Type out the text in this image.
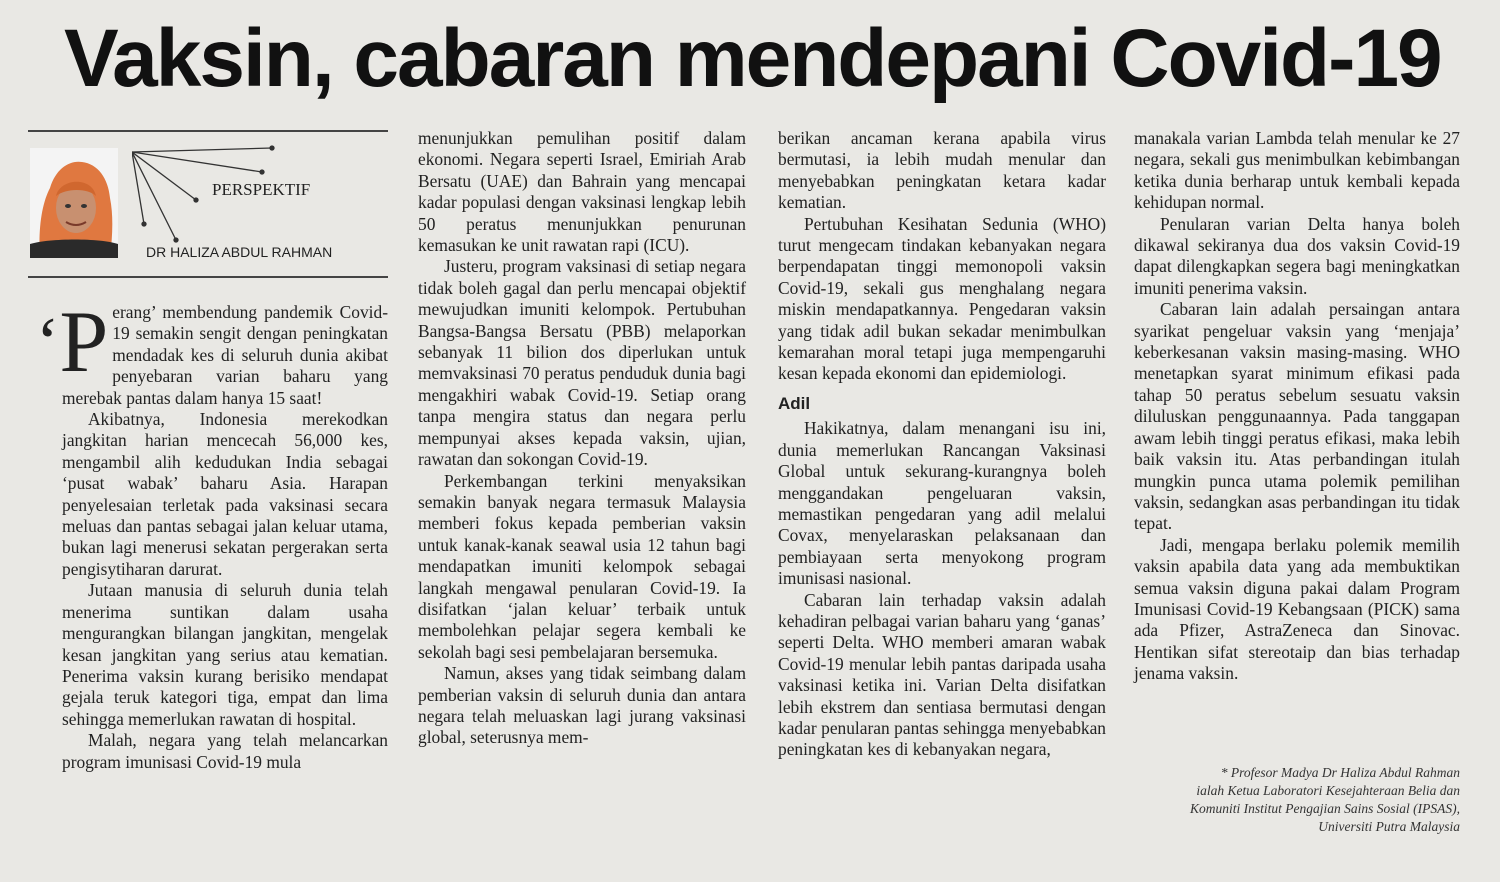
Vaksin, cabaran mendepani Covid-19
PERSPEKTIF
DR HALIZA ABDUL RAHMAN

‘P erang’ membendung pandemik Covid-19 semakin sengit dengan peningkatan mendadak kes di seluruh dunia akibat penyebaran varian baharu yang merebak pantas dalam hanya 15 saat!

Akibatnya, Indonesia merekodkan jangkitan harian mencecah 56,000 kes, mengambil alih kedudukan India sebagai ‘pusat wabak’ baharu Asia. Harapan penyelesaian terletak pada vaksinasi secara meluas dan pantas sebagai jalan keluar utama, bukan lagi menerusi sekatan pergerakan serta pengisytiharan darurat.

Jutaan manusia di seluruh dunia telah menerima suntikan dalam usaha mengurangkan bilangan jangkitan, mengelak kesan jangkitan yang serius atau kematian. Penerima vaksin kurang berisiko mendapat gejala teruk kategori tiga, empat dan lima sehingga memerlukan rawatan di hospital.

Malah, negara yang telah melancarkan program imunisasi Covid-19 mula

menunjukkan pemulihan positif dalam ekonomi. Negara seperti Israel, Emiriah Arab Bersatu (UAE) dan Bahrain yang mencapai kadar populasi dengan vaksinasi lengkap lebih 50 peratus menunjukkan penurunan kemasukan ke unit rawatan rapi (ICU).

Justeru, program vaksinasi di setiap negara tidak boleh gagal dan perlu mencapai objektif mewujudkan imuniti kelompok. Pertubuhan Bangsa-Bangsa Bersatu (PBB) melaporkan sebanyak 11 bilion dos diperlukan untuk memvaksinasi 70 peratus penduduk dunia bagi mengakhiri wabak Covid-19. Setiap orang tanpa mengira status dan negara perlu mempunyai akses kepada vaksin, ujian, rawatan dan sokongan Covid-19.

Perkembangan terkini menyaksikan semakin banyak negara termasuk Malaysia memberi fokus kepada pemberian vaksin untuk kanak-kanak seawal usia 12 tahun bagi mendapatkan imuniti kelompok sebagai langkah mengawal penularan Covid-19. Ia disifatkan ‘jalan keluar’ terbaik untuk membolehkan pelajar segera kembali ke sekolah bagi sesi pembelajaran bersemuka.

Namun, akses yang tidak seimbang dalam pemberian vaksin di seluruh dunia dan antara negara telah meluaskan lagi jurang vaksinasi global, seterusnya mem-

berikan ancaman kerana apabila virus bermutasi, ia lebih mudah menular dan menyebabkan peningkatan ketara kadar kematian.

Pertubuhan Kesihatan Sedunia (WHO) turut mengecam tindakan kebanyakan negara berpendapatan tinggi memonopoli vaksin Covid-19, sekali gus menghalang negara miskin mendapatkannya. Pengedaran vaksin yang tidak adil bukan sekadar menimbulkan kemarahan moral tetapi juga mempengaruhi kesan kepada ekonomi dan epidemiologi.

Adil

Hakikatnya, dalam menangani isu ini, dunia memerlukan Rancangan Vaksinasi Global untuk sekurang-kurangnya boleh menggandakan pengeluaran vaksin, memastikan pengedaran yang adil melalui Covax, menyelaraskan pelaksanaan dan pembiayaan serta menyokong program imunisasi nasional.

Cabaran lain terhadap vaksin adalah kehadiran pelbagai varian baharu yang ‘ganas’ seperti Delta. WHO memberi amaran wabak Covid-19 menular lebih pantas daripada usaha vaksinasi ketika ini. Varian Delta disifatkan lebih ekstrem dan sentiasa bermutasi dengan kadar penularan pantas sehingga menyebabkan peningkatan kes di kebanyakan negara,

manakala varian Lambda telah menular ke 27 negara, sekali gus menimbulkan kebimbangan ketika dunia berharap untuk kembali kepada kehidupan normal.

Penularan varian Delta hanya boleh dikawal sekiranya dua dos vaksin Covid-19 dapat dilengkapkan segera bagi meningkatkan imuniti penerima vaksin.

Cabaran lain adalah persaingan antara syarikat pengeluar vaksin yang ‘menjaja’ keberkesanan vaksin masing-masing. WHO menetapkan syarat minimum efikasi pada tahap 50 peratus sebelum sesuatu vaksin diluluskan penggunaannya. Pada tanggapan awam lebih tinggi peratus efikasi, maka lebih baik vaksin itu. Atas perbandingan itulah mungkin punca utama polemik pemilihan vaksin, sedangkan asas perbandingan itu tidak tepat.

Jadi, mengapa berlaku polemik memilih vaksin apabila data yang ada membuktikan semua vaksin diguna pakai dalam Program Imunisasi Covid-19 Kebangsaan (PICK) sama ada Pfizer, AstraZeneca dan Sinovac. Hentikan sifat stereotaip dan bias terhadap jenama vaksin.

* Profesor Madya Dr Haliza Abdul Rahman
ialah Ketua Laboratori Kesejahteraan Belia dan
Komuniti Institut Pengajian Sains Sosial (IPSAS),
Universiti Putra Malaysia
